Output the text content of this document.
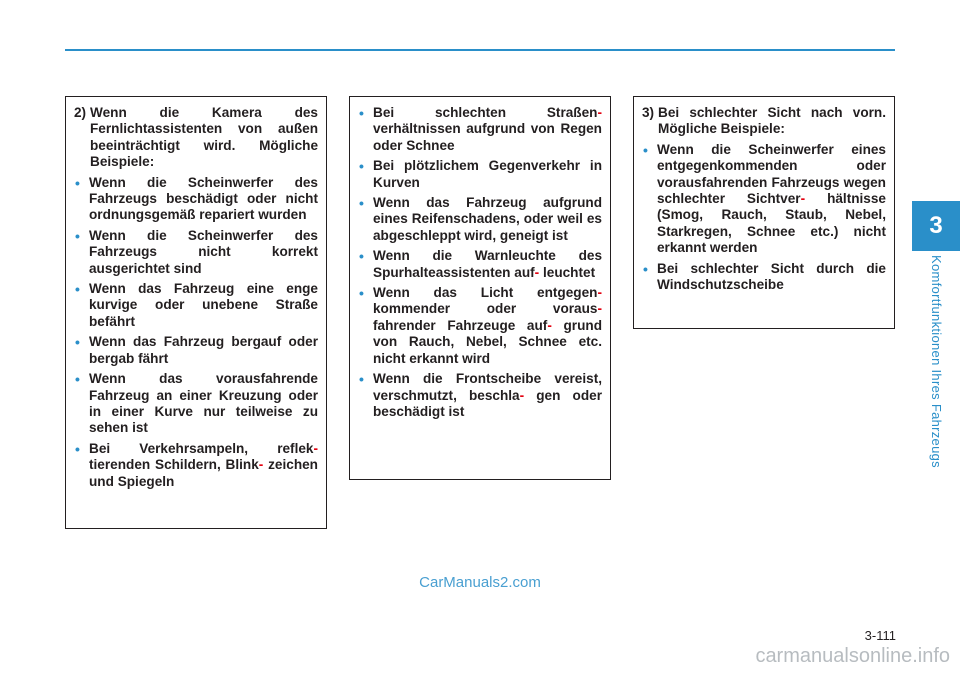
3
Komfortfunktionen Ihres Fahrzeugs
2) Wenn die Kamera des Fernlichtassistenten von außen beeinträchtigt wird. Mögliche Beispiele:
• Wenn die Scheinwerfer des Fahrzeugs beschädigt oder nicht ordnungsgemäß repariert wurden
• Wenn die Scheinwerfer des Fahrzeugs nicht korrekt ausgerichtet sind
• Wenn das Fahrzeug eine enge kurvige oder unebene Straße befährt
• Wenn das Fahrzeug bergauf oder bergab fährt
• Wenn das vorausfahrende Fahrzeug an einer Kreuzung oder in einer Kurve nur teilweise zu sehen ist
• Bei Verkehrsampeln, reflek- tierenden Schildern, Blink- zeichen und Spiegeln
• Bei schlechten Straßen- verhältnissen aufgrund von Regen oder Schnee
• Bei plötzlichem Gegenverkehr in Kurven
• Wenn das Fahrzeug aufgrund eines Reifenschadens, oder weil es abgeschleppt wird, geneigt ist
• Wenn die Warnleuchte des Spurhalteassistenten auf- leuchtet
• Wenn das Licht entgegen- kommender oder voraus- fahrender Fahrzeuge auf- grund von Rauch, Nebel, Schnee etc. nicht erkannt wird
• Wenn die Frontscheibe vereist, verschmutzt, beschla- gen oder beschädigt ist
3) Bei schlechter Sicht nach vorn. Mögliche Beispiele:
• Wenn die Scheinwerfer eines entgegenkommenden oder vorausfahrenden Fahrzeugs wegen schlechter Sichtver- hältnisse (Smog, Rauch, Staub, Nebel, Starkregen, Schnee etc.) nicht erkannt werden
• Bei schlechter Sicht durch die Windschutzscheibe
CarManuals2.com
3-111
carmanualsonline.info
